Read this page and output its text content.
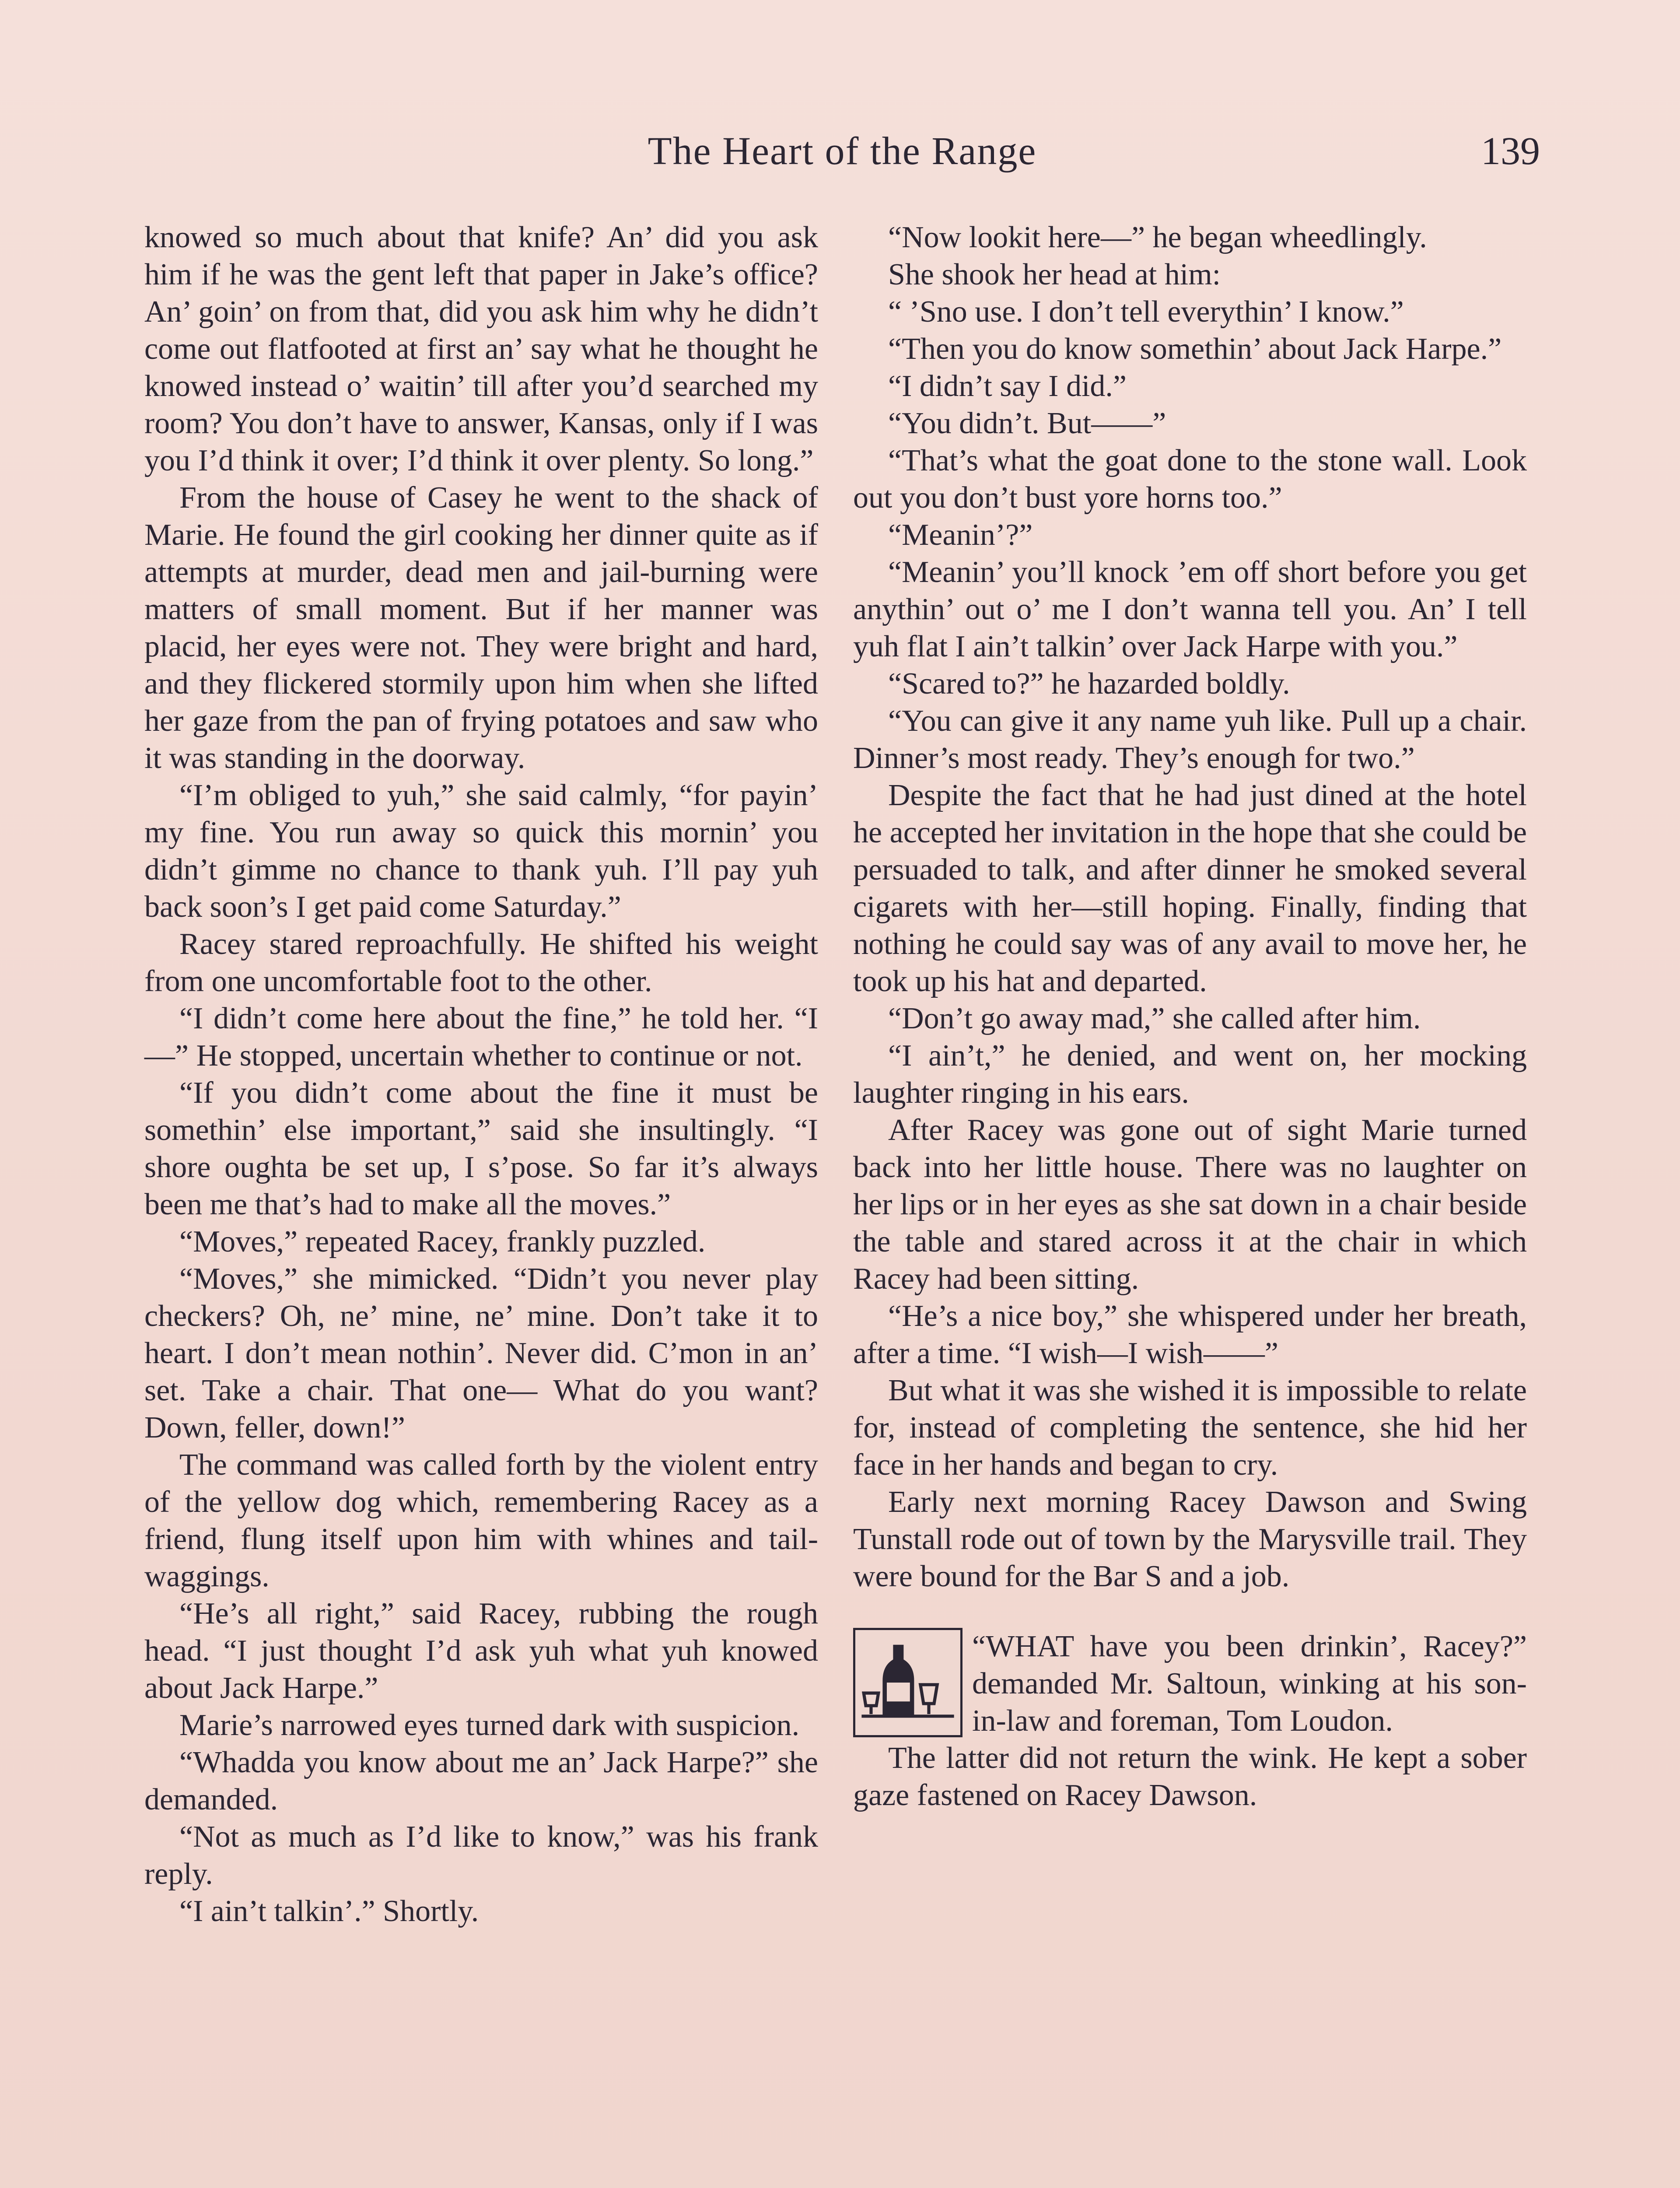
The Heart of the Range	139

knowed so much about that knife? An’ did you ask him if he was the gent left that paper in Jake’s office? An’ goin’ on from that, did you ask him why he didn’t come out flatfooted at first an’ say what he thought he knowed instead o’ waitin’ till after you’d searched my room? You don’t have to answer, Kansas, only if I was you I’d think it over; I’d think it over plenty. So long.”

From the house of Casey he went to the shack of Marie. He found the girl cooking her dinner quite as if attempts at murder, dead men and jail-burning were matters of small moment. But if her manner was placid, her eyes were not. They were bright and hard, and they flickered stormily upon him when she lifted her gaze from the pan of frying potatoes and saw who it was standing in the doorway.

“I’m obliged to yuh,” she said calmly, “for payin’ my fine. You run away so quick this mornin’ you didn’t gimme no chance to thank yuh. I’ll pay yuh back soon’s I get paid come Saturday.”

Racey stared reproachfully. He shifted his weight from one uncomfortable foot to the other.

“I didn’t come here about the fine,” he told her. “I—” He stopped, uncertain whether to continue or not.

“If you didn’t come about the fine it must be somethin’ else important,” said she insultingly. “I shore oughta be set up, I s’pose. So far it’s always been me that’s had to make all the moves.”

“Moves,” repeated Racey, frankly puzzled.

“Moves,” she mimicked. “Didn’t you never play checkers? Oh, ne’ mine, ne’ mine. Don’t take it to heart. I don’t mean nothin’. Never did. C’mon in an’ set. Take a chair. That one— What do you want? Down, feller, down!”

The command was called forth by the violent entry of the yellow dog which, remembering Racey as a friend, flung itself upon him with whines and tail-waggings.

“He’s all right,” said Racey, rubbing the rough head. “I just thought I’d ask yuh what yuh knowed about Jack Harpe.”

Marie’s narrowed eyes turned dark with suspicion.

“Whadda you know about me an’ Jack Harpe?” she demanded.

“Not as much as I’d like to know,” was his frank reply.

“I ain’t talkin’.” Shortly.

“Now lookit here—” he began wheedlingly.

She shook her head at him:

“ ’Sno use. I don’t tell everythin’ I know.”

“Then you do know somethin’ about Jack Harpe.”

“I didn’t say I did.”

“You didn’t. But——”

“That’s what the goat done to the stone wall. Look out you don’t bust yore horns too.”

“Meanin’?”

“Meanin’ you’ll knock ’em off short before you get anythin’ out o’ me I don’t wanna tell you. An’ I tell yuh flat I ain’t talkin’ over Jack Harpe with you.”

“Scared to?” he hazarded boldly.

“You can give it any name yuh like. Pull up a chair. Dinner’s most ready. They’s enough for two.”

Despite the fact that he had just dined at the hotel he accepted her invitation in the hope that she could be persuaded to talk, and after dinner he smoked several cigarets with her—still hoping. Finally, finding that nothing he could say was of any avail to move her, he took up his hat and departed.

“Don’t go away mad,” she called after him.

“I ain’t,” he denied, and went on, her mocking laughter ringing in his ears.

After Racey was gone out of sight Marie turned back into her little house. There was no laughter on her lips or in her eyes as she sat down in a chair beside the table and stared across it at the chair in which Racey had been sitting.

“He’s a nice boy,” she whispered under her breath, after a time. “I wish—I wish——”

But what it was she wished it is impossible to relate for, instead of completing the sentence, she hid her face in her hands and began to cry.

Early next morning Racey Dawson and Swing Tunstall rode out of town by the Marysville trail. They were bound for the Bar S and a job.

“WHAT have you been drinkin’, Racey?” demanded Mr. Saltoun, winking at his son-in-law and foreman, Tom Loudon.

The latter did not return the wink. He kept a sober gaze fastened on Racey Dawson.
